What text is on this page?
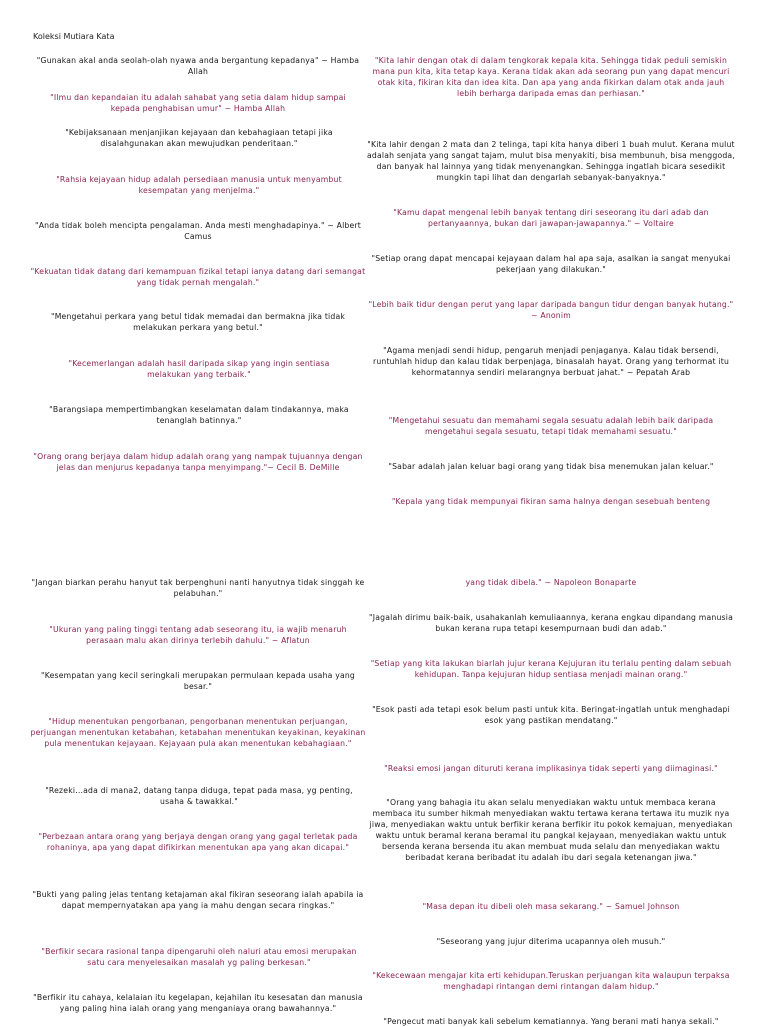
Koleksi Mutiara Kata

"Gunakan akal anda seolah-olah nyawa anda bergantung kepadanya" ~ Hamba Allah

"Ilmu dan kepandaian itu adalah sahabat yang setia dalam hidup sampai kepada penghabisan umur" ~ Hamba Allah

"Kebijaksanaan menjanjikan kejayaan dan kebahagiaan tetapi jika disalahgunakan akan mewujudkan penderitaan."

"Rahsia kejayaan hidup adalah persediaan manusia untuk menyambut kesempatan yang menjelma."

"Anda tidak boleh mencipta pengalaman. Anda mesti menghadapinya." ~ Albert Camus

"Kekuatan tidak datang dari kemampuan fizikal tetapi ianya datang dari semangat yang tidak pernah mengalah."

"Mengetahui perkara yang betul tidak memadai dan bermakna jika tidak melakukan perkara yang betul."

"Kecemerlangan adalah hasil daripada sikap yang ingin sentiasa melakukan yang terbaik."

"Barangsiapa mempertimbangkan keselamatan dalam tindakannya, maka tenanglah batinnya."

"Orang orang berjaya dalam hidup adalah orang yang nampak tujuannya dengan jelas dan menjurus kepadanya tanpa menyimpang."~ Cecil B. DeMille

"Kita lahir dengan otak di dalam tengkorak kepala kita. Sehingga tidak peduli semiskin mana pun kita, kita tetap kaya. Kerana tidak akan ada seorang pun yang dapat mencuri otak kita, fikiran kita dan idea kita. Dan apa yang anda fikirkan dalam otak anda jauh lebih berharga daripada emas dan perhiasan."

"Kita lahir dengan 2 mata dan 2 telinga, tapi kita hanya diberi 1 buah mulut. Kerana mulut adalah senjata yang sangat tajam, mulut bisa menyakiti, bisa membunuh, bisa menggoda, dan banyak hal lainnya yang tidak menyenangkan. Sehingga ingatlah bicara sesedikit mungkin tapi lihat dan dengarlah sebanyak-banyaknya."

"Kamu dapat mengenal lebih banyak tentang diri seseorang itu dari adab dan pertanyaannya, bukan dari jawapan-jawapannya." ~ Voltaire

"Setiap orang dapat mencapai kejayaan dalam hal apa saja, asalkan ia sangat menyukai pekerjaan yang dilakukan."

"Lebih baik tidur dengan perut yang lapar daripada bangun tidur dengan banyak hutang." ~ Anonim

"Agama menjadi sendi hidup, pengaruh menjadi penjaganya. Kalau tidak bersendi, runtuhlah hidup dan kalau tidak berpenjaga, binasalah hayat. Orang yang terhormat itu kehormatannya sendiri melarangnya berbuat jahat." ~ Pepatah Arab

"Mengetahui sesuatu dan memahami segala sesuatu adalah lebih baik daripada mengetahui segala sesuatu, tetapi tidak memahami sesuatu."

"Sabar adalah jalan keluar bagi orang yang tidak bisa menemukan jalan keluar."

"Kepala yang tidak mempunyai fikiran sama halnya dengan sesebuah benteng

"Jangan biarkan perahu hanyut tak berpenghuni nanti hanyutnya tidak singgah ke pelabuhan."

"Ukuran yang paling tinggi tentang adab seseorang itu, ia wajib menaruh perasaan malu akan dirinya terlebih dahulu." ~ Aflatun

"Kesempatan yang kecil seringkali merupakan permulaan kepada usaha yang besar."

"Hidup menentukan pengorbanan, pengorbanan menentukan perjuangan, perjuangan menentukan ketabahan, ketabahan menentukan keyakinan, keyakinan pula menentukan kejayaan. Kejayaan pula akan menentukan kebahagiaan."

"Rezeki...ada di mana2, datang tanpa diduga, tepat pada masa, yg penting, usaha & tawakkal."

"Perbezaan antara orang yang berjaya dengan orang yang gagal terletak pada rohaninya, apa yang dapat difikirkan menentukan apa yang akan dicapai."

"Bukti yang paling jelas tentang ketajaman akal fikiran seseorang ialah apabila ia dapat mempernyatakan apa yang ia mahu dengan secara ringkas."

"Berfikir secara rasional tanpa dipengaruhi oleh naluri atau emosi merupakan satu cara menyelesaikan masalah yg paling berkesan."

"Berfikir itu cahaya, kelalaian itu kegelapan, kejahilan itu kesesatan dan manusia yang paling hina ialah orang yang menganiaya orang bawahannya."

yang tidak dibela." ~ Napoleon Bonaparte

"Jagalah dirimu baik-baik, usahakanlah kemuliaannya, kerana engkau dipandang manusia bukan kerana rupa tetapi kesempurnaan budi dan adab."

"Setiap yang kita lakukan biarlah jujur kerana Kejujuran itu terlalu penting dalam sebuah kehidupan. Tanpa kejujuran hidup sentiasa menjadi mainan orang."

"Esok pasti ada tetapi esok belum pasti untuk kita. Beringat-ingatlah untuk menghadapi esok yang pastikan mendatang."

"Reaksi emosi jangan dituruti kerana implikasinya tidak seperti yang diimaginasi."

"Orang yang bahagia itu akan selalu menyediakan waktu untuk membaca kerana membaca itu sumber hikmah menyediakan waktu tertawa kerana tertawa itu muzik nya jiwa, menyediakan waktu untuk berfikir kerana berfikir itu pokok kemajuan, menyediakan waktu untuk beramal kerana beramal itu pangkal kejayaan, menyediakan waktu untuk bersenda kerana bersenda itu akan membuat muda selalu dan menyediakan waktu beribadat kerana beribadat itu adalah ibu dari segala ketenangan jiwa."

"Masa depan itu dibeli oleh masa sekarang." ~ Samuel Johnson

"Seseorang yang jujur diterima ucapannya oleh musuh."

"Kekecewaan mengajar kita erti kehidupan.Teruskan perjuangan kita walaupun terpaksa menghadapi rintangan demi rintangan dalam hidup."

"Pengecut mati banyak kali sebelum kematiannya. Yang berani mati hanya sekali."
